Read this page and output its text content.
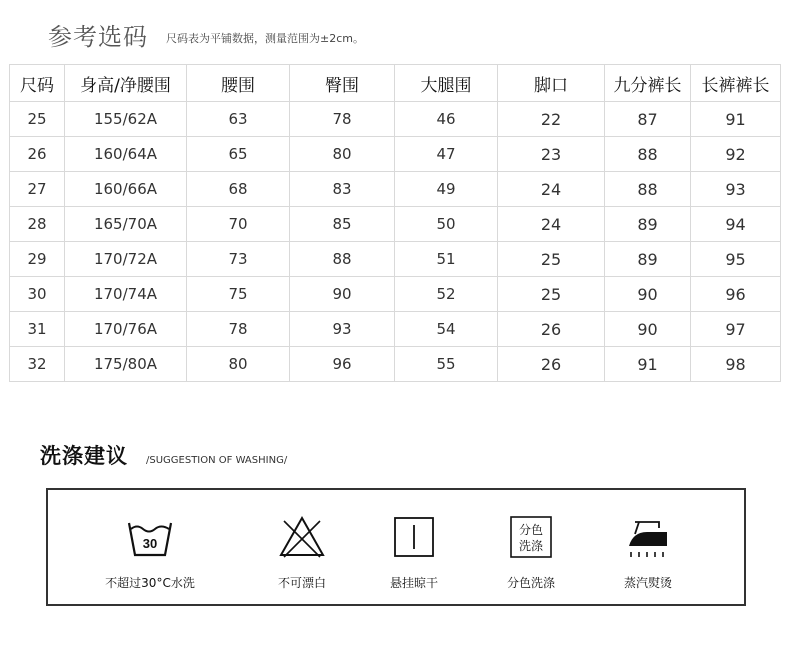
参考选码 尺码表为平铺数据，测量范围为±2cm。
尺码	身高/净腰围	腰围	臀围	大腿围	脚口	九分裤长	长裤裤长
25	155/62A	63	78	46	22	87	91
26	160/64A	65	80	47	23	88	92
27	160/66A	68	83	49	24	88	93
28	165/70A	70	85	50	24	89	94
29	170/72A	73	88	51	25	89	95
30	170/74A	75	90	52	25	90	96
31	170/76A	78	93	54	26	90	97
32	175/80A	80	96	55	26	91	98
洗涤建议 /SUGGESTION OF WASHING/
30
不超过30°C水洗	不可漂白	悬挂晾干
分色
洗涤
分色洗涤	蒸汽熨烫
